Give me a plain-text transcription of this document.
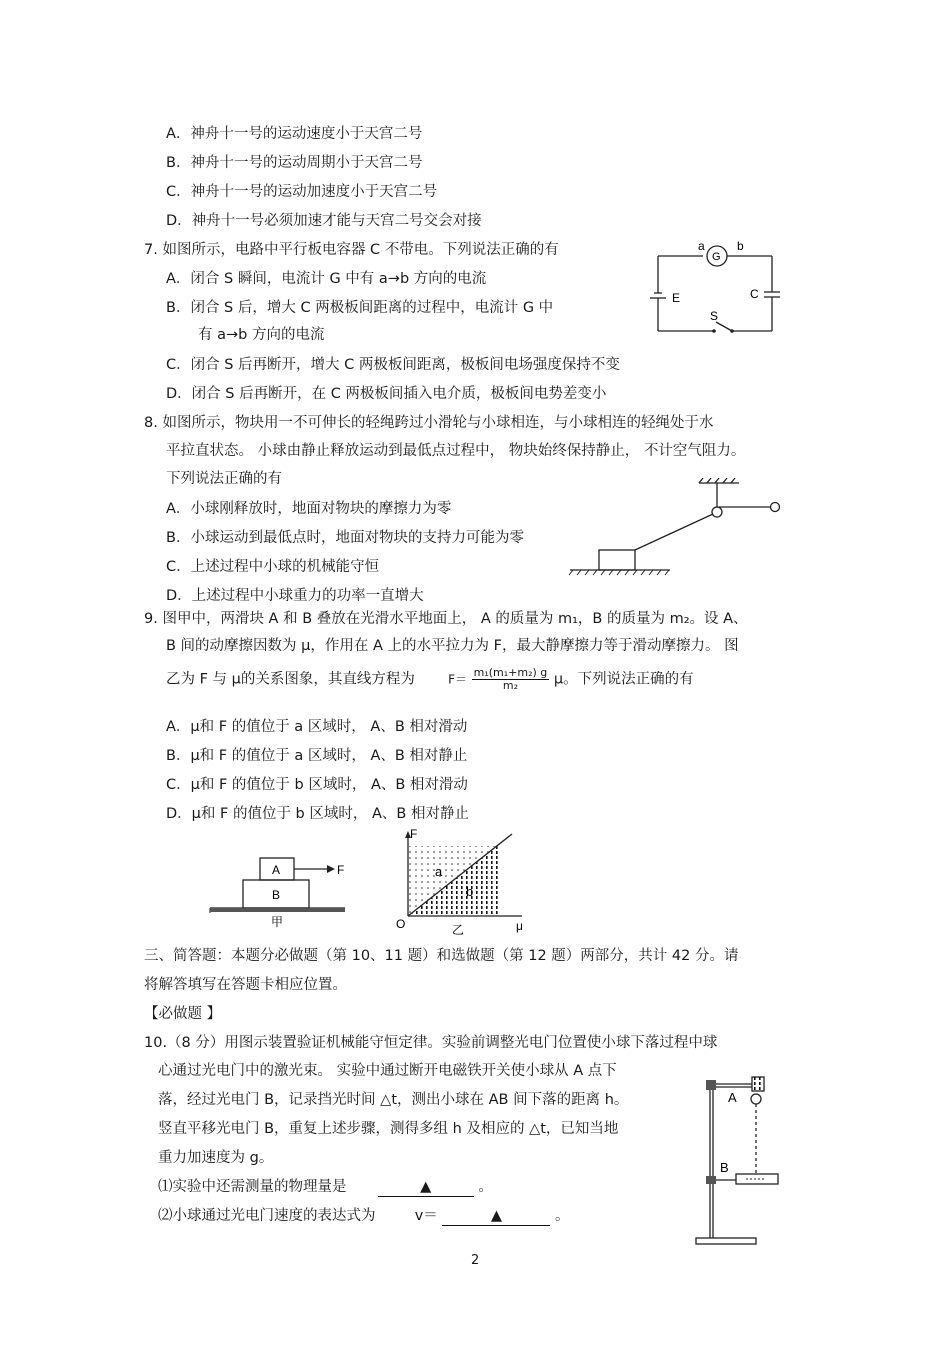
A．神舟十一号的运动速度小于天宫二号
B．神舟十一号的运动周期小于天宫二号
C．神舟十一号的运动加速度小于天宫二号
D．神舟十一号必须加速才能与天宫二号交会对接
7. 如图所示，电路中平行板电容器 C 不带电。下列说法正确的有
A．闭合 S 瞬间，电流计 G 中有 a→b 方向的电流
B．闭合 S 后，增大 C 两极板间距离的过程中，电流计 G 中
有 a→b 方向的电流
C．闭合 S 后再断开，增大 C 两极板间距离，极板间电场强度保持不变
D．闭合 S 后再断开，在 C 两极板间插入电介质，极板间电势差变小
a	b
G
E	C
S
8. 如图所示，物块用一不可伸长的轻绳跨过小滑轮与小球相连，与小球相连的轻绳处于水
平拉直状态。 小球由静止释放运动到最低点过程中， 物块始终保持静止， 不计空气阻力。
下列说法正确的有
A．小球刚释放时，地面对物块的摩擦力为零
B．小球运动到最低点时，地面对物块的支持力可能为零
C．上述过程中小球的机械能守恒
D．上述过程中小球重力的功率一直增大
9. 图甲中，两滑块 A 和 B 叠放在光滑水平地面上， A 的质量为 m₁，B 的质量为 m₂。设 A、
B 间的动摩擦因数为 μ，作用在 A 上的水平拉力为 F，最大静摩擦力等于滑动摩擦力。 图
乙为 F 与 μ的关系图象，其直线方程为	$F= \frac{\text{m₁(m₁+m₂) g}}{\text{m₂}}$ μ。下列说法正确的有
A．μ和 F 的值位于 a 区域时， A、B 相对滑动
B．μ和 F 的值位于 a 区域时， A、B 相对静止
C．μ和 F 的值位于 b 区域时， A、B 相对滑动
D．μ和 F 的值位于 b 区域时， A、B 相对静止
A
B
F
甲
F
O	μ
a
b
乙
三、简答题：本题分必做题（第 10、11 题）和选做题（第 12 题）两部分，共计 42 分。请
将解答填写在答题卡相应位置。
【必做题 】
10.（8 分）用图示装置验证机械能守恒定律。实验前调整光电门位置使小球下落过程中球
心通过光电门中的激光束。 实验中通过断开电磁铁开关使小球从 A 点下
落，经过光电门 B，记录挡光时间 △t，测出小球在 AB 间下落的距离 h。
竖直平移光电门 B，重复上述步骤，测得多组 h 及相应的 △t，已知当地
重力加速度为 g。
⑴实验中还需测量的物理量是	▲	。
⑵小球通过光电门速度的表达式为	v＝	▲	。
A
B
2
